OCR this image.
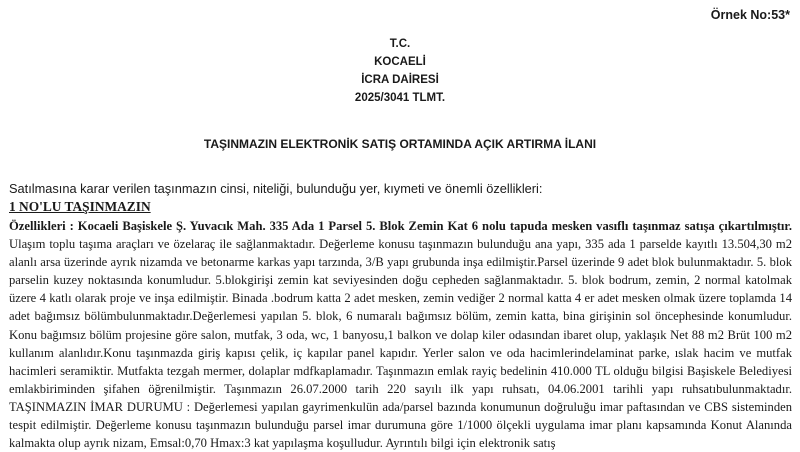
Örnek No:53*
T.C.
KOCAELİ
İCRA DAİRESİ
2025/3041 TLMT.
TAŞINMAZIN ELEKTRONİK SATIŞ ORTAMINDA AÇIK ARTIRMA İLANI
Satılmasına karar verilen taşınmazın cinsi, niteliği, bulunduğu yer, kıymeti ve önemli özellikleri:
1 NO'LU TAŞINMAZIN
Özellikleri : Kocaeli Başiskele Ş. Yuvacık Mah. 335 Ada 1 Parsel 5. Blok Zemin Kat 6 nolu tapuda mesken vasıflı taşınmaz satışa çıkartılmıştır. Ulaşım toplu taşıma araçları ve özelaraç ile sağlanmaktadır. Değerleme konusu taşınmazın bulunduğu ana yapı, 335 ada 1 parselde kayıtlı 13.504,30 m2 alanlı arsa üzerinde ayrık nizamda ve betonarme karkas yapı tarzında, 3/B yapı grubunda inşa edilmiştir.Parsel üzerinde 9 adet blok bulunmaktadır. 5. blok parselin kuzey noktasında konumludur. 5.blokgirişi zemin kat seviyesinden doğu cepheden sağlanmaktadır. 5. blok bodrum, zemin, 2 normal katolmak üzere 4 katlı olarak proje ve inşa edilmiştir. Binada .bodrum katta 2 adet mesken, zemin vediğer 2 normal katta 4 er adet mesken olmak üzere toplamda 14 adet bağımsız bölümbulunmaktadır.Değerlemesi yapılan 5. blok, 6 numaralı bağımsız bölüm, zemin katta, bina girişinin sol öncephesinde konumludur. Konu bağımsız bölüm projesine göre salon, mutfak, 3 oda, wc, 1 banyosu,1 balkon ve dolap kiler odasından ibaret olup, yaklaşık Net 88 m2 Brüt 100 m2 kullanım alanlıdır.Konu taşınmazda giriş kapısı çelik, iç kapılar panel kapıdır. Yerler salon ve oda hacimlerindelaminat parke, ıslak hacim ve mutfak hacimleri seramiktir. Mutfakta tezgah mermer, dolaplar mdfkaplamadır. Taşınmazın emlak rayiç bedelinin 410.000 TL olduğu bilgisi Başiskele Belediyesi emlakbiriminden şifahen öğrenilmiştir. Taşınmazın 26.07.2000 tarih 220 sayılı ilk yapı ruhsatı, 04.06.2001 tarihli yapı ruhsatıbulunmaktadır. TAŞINMAZIN İMAR DURUMU : Değerlemesi yapılan gayrimenkulün ada/parsel bazında konumunun doğruluğu imar paftasından ve CBS sisteminden tespit edilmiştir. Değerleme konusu taşınmazın bulunduğu parsel imar durumuna göre 1/1000 ölçekli uygulama imar planı kapsamında Konut Alanında kalmakta olup ayrık nizam, Emsal:0,70 Hmax:3 kat yapılaşma koşulludur. Ayrıntılı bilgi için elektronik satış
